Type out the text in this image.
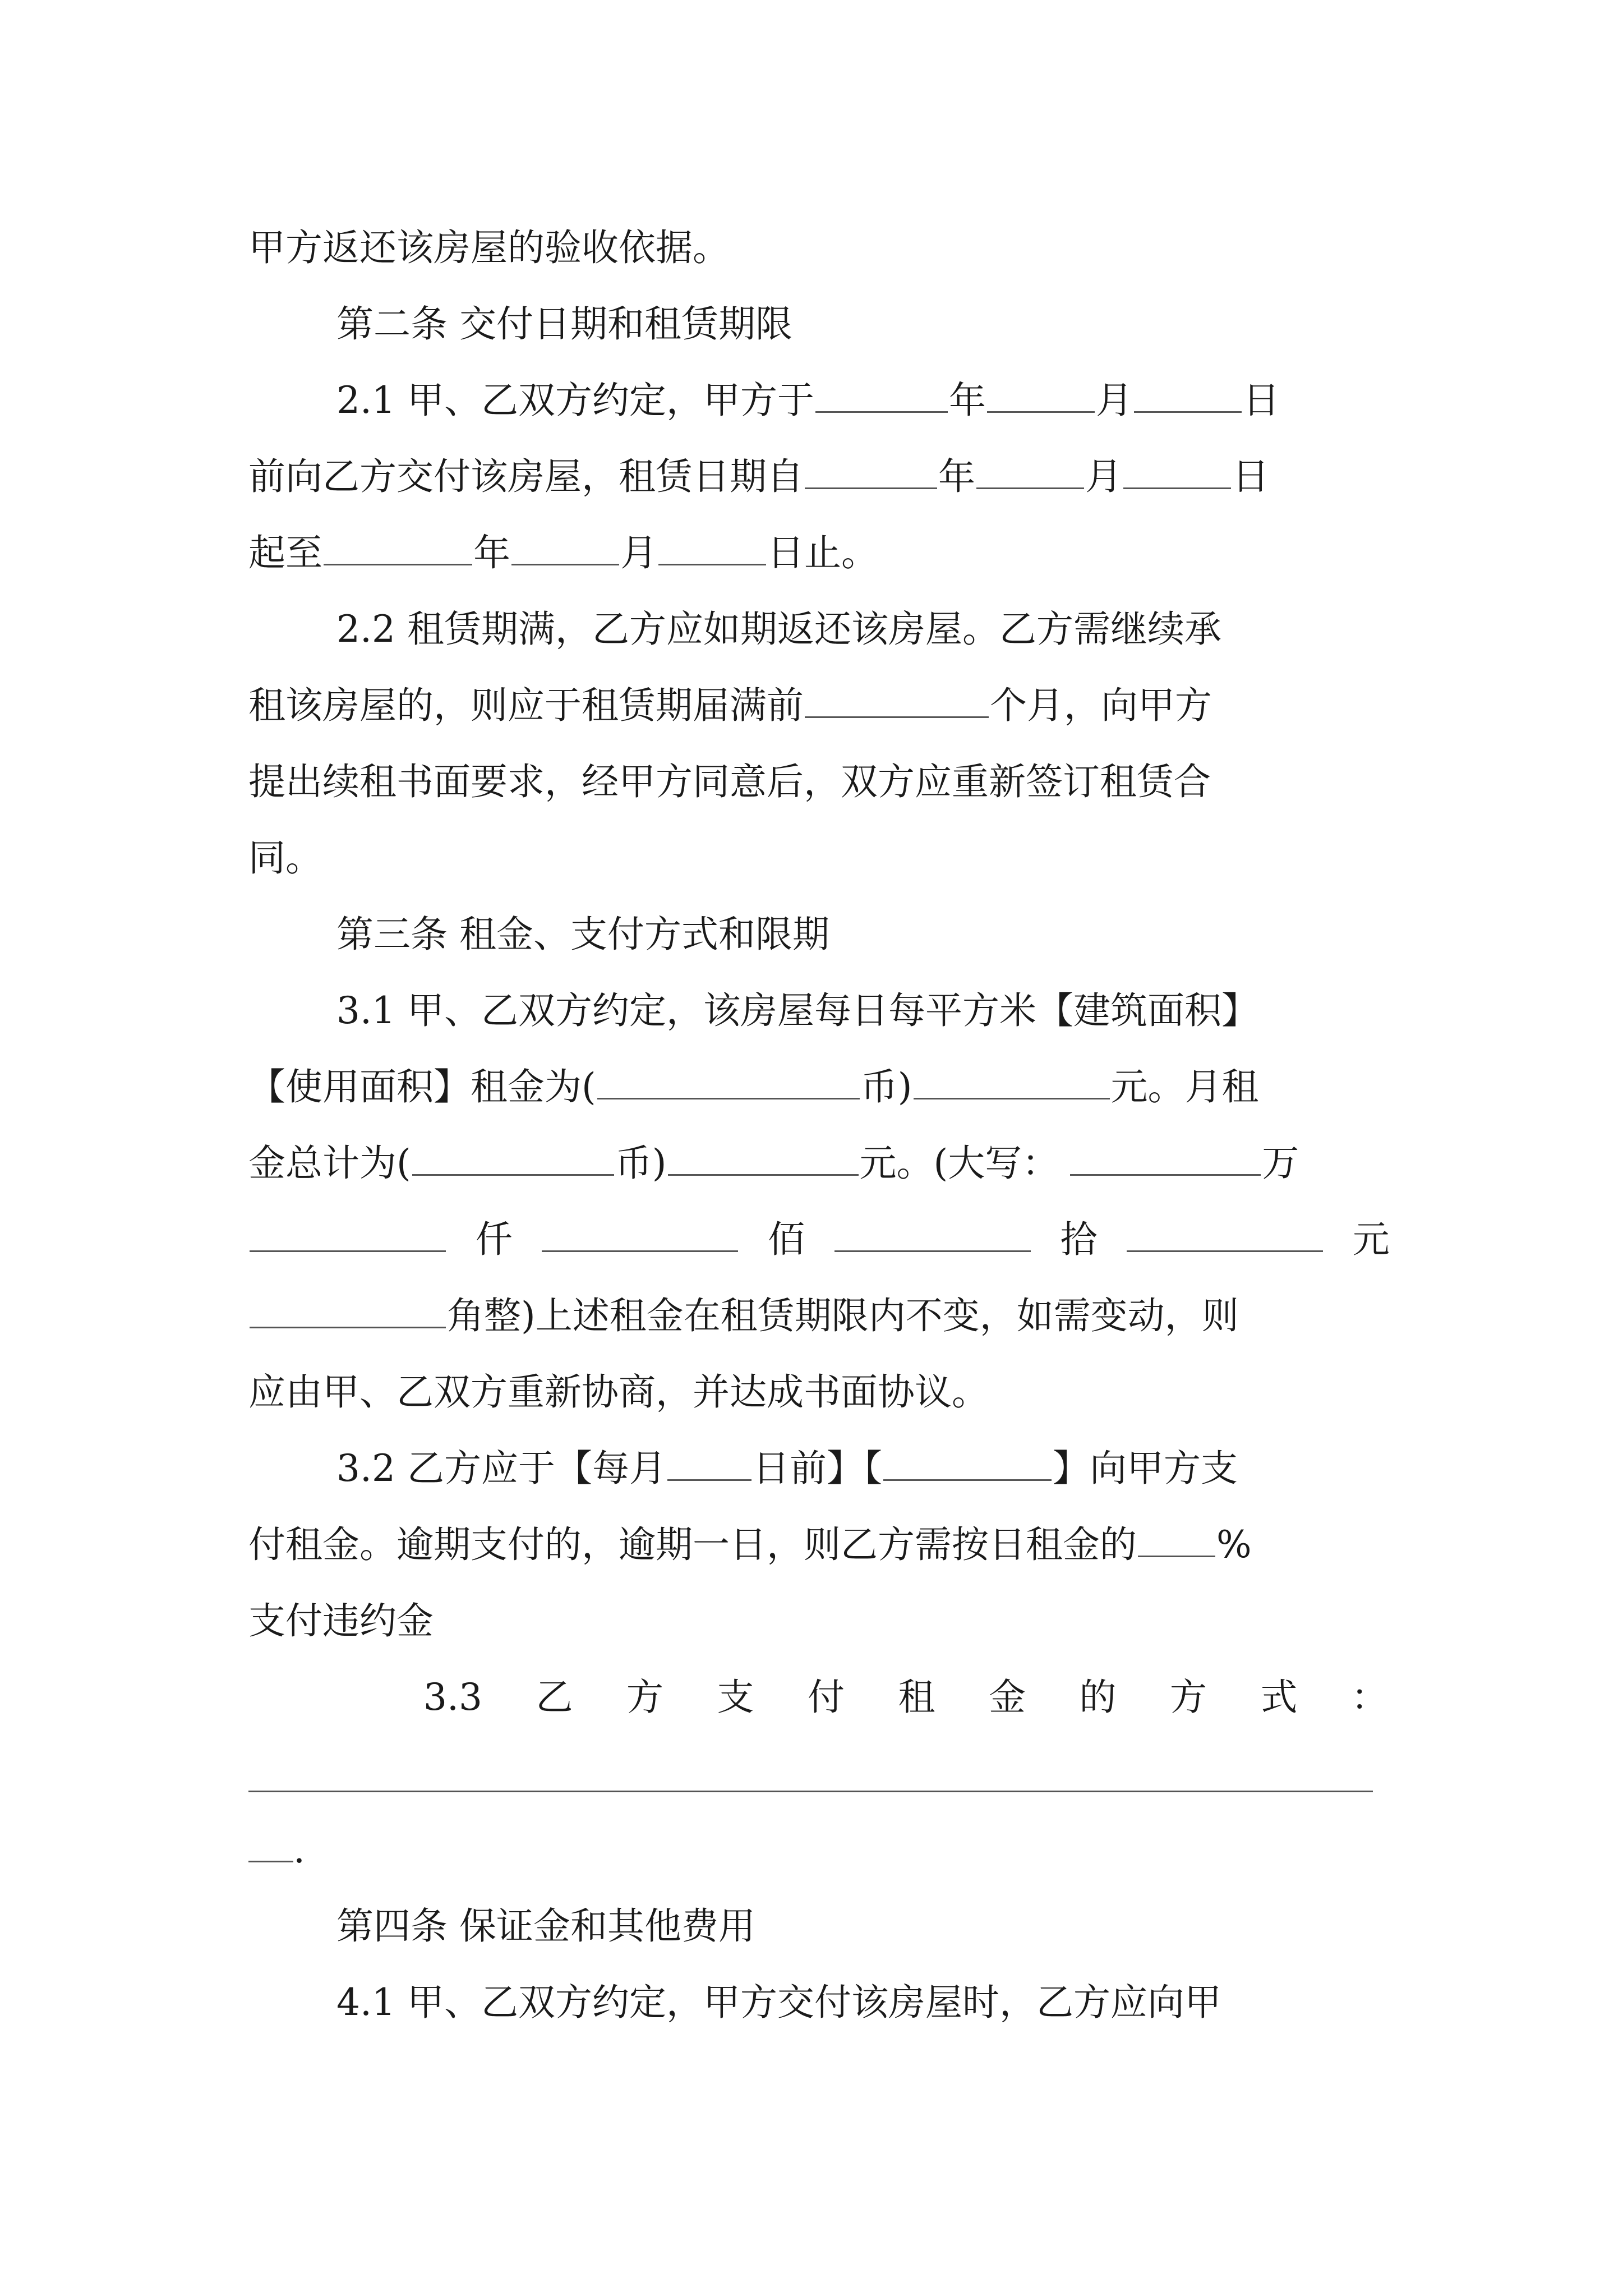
甲方返还该房屋的验收依据。
第二条 交付日期和租赁期限
2.1 甲、乙双方约定，甲方于	年	月	日
前向乙方交付该房屋，租赁日期自	年	月	日
起至	年	月	日止。
2.2 租赁期满，乙方应如期返还该房屋。乙方需继续承
租该房屋的，则应于租赁期届满前	个月，向甲方
提出续租书面要求，经甲方同意后，双方应重新签订租赁合
同。
第三条 租金、支付方式和限期
3.1 甲、乙双方约定，该房屋每日每平方米【建筑面积】
【使用面积】租金为(	币)	元。月租
金总计为(	币)	元。(大写：	万
仟	佰	拾	元
角整)上述租金在租赁期限内不变，如需变动，则
应由甲、乙双方重新协商，并达成书面协议。
3.2 乙方应于【每月 日前】【	】向甲方支
付租金。逾期支付的，逾期一日，则乙方需按日租金的 %
支付违约金
3.3 乙 方 支 付 租 金 的 方 式 ：
.
第四条 保证金和其他费用
4.1 甲、乙双方约定，甲方交付该房屋时，乙方应向甲
